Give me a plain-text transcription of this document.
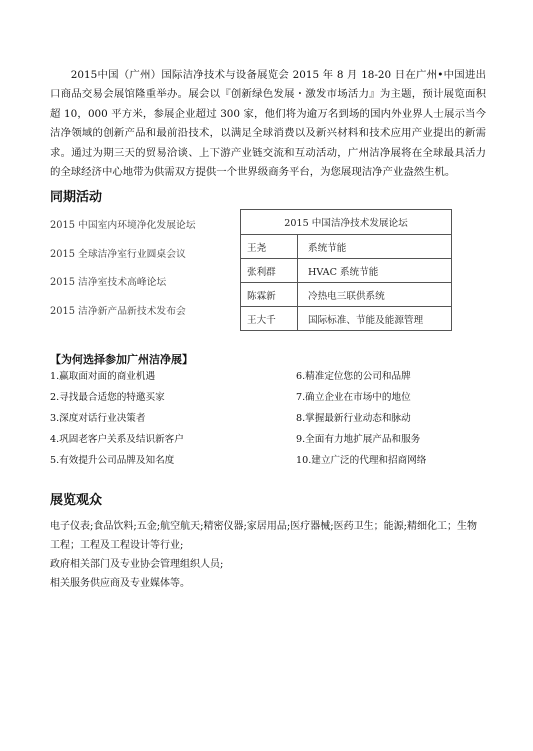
2015中国（广州）国际洁净技术与设备展览会 2015 年 8 月 18-20 日在广州•中国进出口商品交易会展馆隆重举办。展会以『创新绿色发展・激发市场活力』为主题，预计展览面积超 10，000 平方米，参展企业超过 300 家，他们将为逾万名到场的国内外业界人士展示当今洁净领域的创新产品和最前沿技术，以满足全球消费以及新兴材料和技术应用产业提出的新需求。通过为期三天的贸易洽谈、上下游产业链交流和互动活动，广州洁净展将在全球最具活力的全球经济中心地带为供需双方提供一个世界级商务平台，为您展现洁净产业盎然生机。

同期活动
2015 中国室内环境净化发展论坛
2015 全球洁净室行业圆桌会议
2015 洁净室技术高峰论坛
2015 洁净新产品新技术发布会
2015 中国洁净技术发展论坛	
王尧	系统节能
张利群	HVAC 系统节能
陈霖新	冷热电三联供系统
王大千	国际标准、节能及能源管理
【为何选择参加广州洁净展】
1.赢取面对面的商业机遇
2.寻找最合适您的特邀买家
3.深度对话行业决策者
4.巩固老客户关系及结识新客户
5.有效提升公司品牌及知名度
6.精准定位您的公司和品牌
7.确立企业在市场中的地位
8.掌握最新行业动态和脉动
9.全面有力地扩展产品和服务
10.建立广泛的代理和招商网络
展览观众

电子仪表;食品饮料;五金;航空航天;精密仪器;家居用品;医疗器械;医药卫生；能源;精细化工；生物工程；工程及工程设计等行业;

政府相关部门及专业协会管理组织人员;

相关服务供应商及专业媒体等。
